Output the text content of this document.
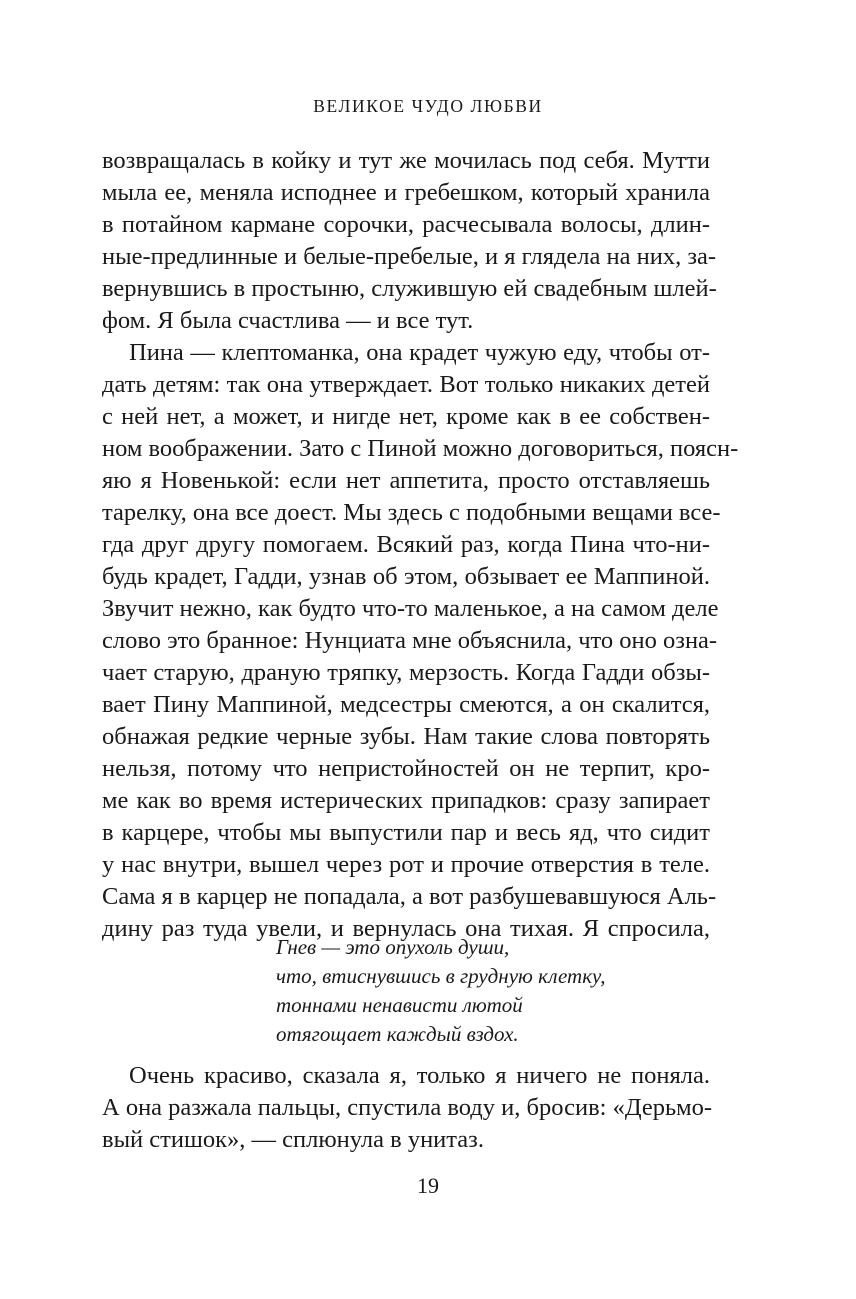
ВЕЛИКОЕ ЧУДО ЛЮБВИ
возвращалась в койку и тут же мочилась под себя. Мутти
мыла ее, меняла исподнее и гребешком, который хранила
в потайном кармане сорочки, расчесывала волосы, длин-
ные-предлинные и белые-пребелые, и я глядела на них, за-
вернувшись в простыню, служившую ей свадебным шлей-
фом. Я была счастлива — и все тут.
Пина — клептоманка, она крадет чужую еду, чтобы от-
дать детям: так она утверждает. Вот только никаких детей
с ней нет, а может, и нигде нет, кроме как в ее собствен-
ном воображении. Зато с Пиной можно договориться, поясн-
яю я Новенькой: если нет аппетита, просто отставляешь
тарелку, она все доест. Мы здесь с подобными вещами все-
гда друг другу помогаем. Всякий раз, когда Пина что-ни-
будь крадет, Гадди, узнав об этом, обзывает ее Маппиной.
Звучит нежно, как будто что-то маленькое, а на самом деле
слово это бранное: Нунциата мне объяснила, что оно озна-
чает старую, драную тряпку, мерзость. Когда Гадди обзы-
вает Пину Маппиной, медсестры смеются, а он скалится,
обнажая редкие черные зубы. Нам такие слова повторять
нельзя, потому что непристойностей он не терпит, кро-
ме как во время истерических припадков: сразу запирает
в карцере, чтобы мы выпустили пар и весь яд, что сидит
у нас внутри, вышел через рот и прочие отверстия в теле.
Сама я в карцер не попадала, а вот разбушевавшуюся Аль-
дину раз туда увели, и вернулась она тихая. Я спросила,
Гнев — это опухоль души,
что, втиснувшись в грудную клетку,
тоннами ненависти лютой
отягощает каждый вздох.
Очень красиво, сказала я, только я ничего не поняла.
А она разжала пальцы, спустила воду и, бросив: «Дерьмо-
вый стишок», — сплюнула в унитаз.
19
